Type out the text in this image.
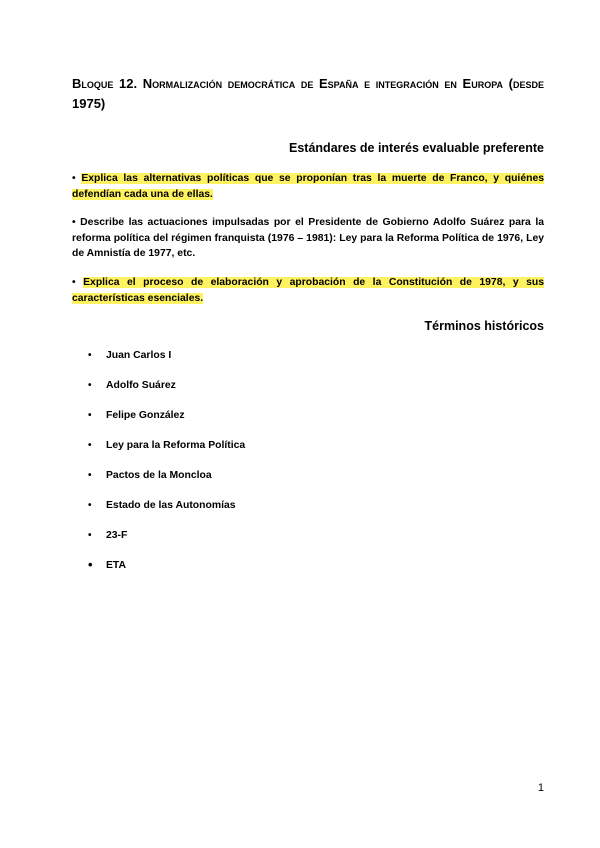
Bloque 12. Normalización democrática de España e integración en Europa (desde 1975)
Estándares de interés evaluable preferente
• Explica las alternativas políticas que se proponían tras la muerte de Franco, y quiénes defendían cada una de ellas.
• Describe las actuaciones impulsadas por el Presidente de Gobierno Adolfo Suárez para la reforma política del régimen franquista (1976 – 1981): Ley para la Reforma Política de 1976, Ley de Amnistía de 1977, etc.
• Explica el proceso de elaboración y aprobación de la Constitución de 1978, y sus características esenciales.
Términos históricos
• Juan Carlos I
• Adolfo Suárez
• Felipe González
• Ley para la Reforma Política
• Pactos de la Moncloa
• Estado de las Autonomías
• 23-F
• ETA
1
